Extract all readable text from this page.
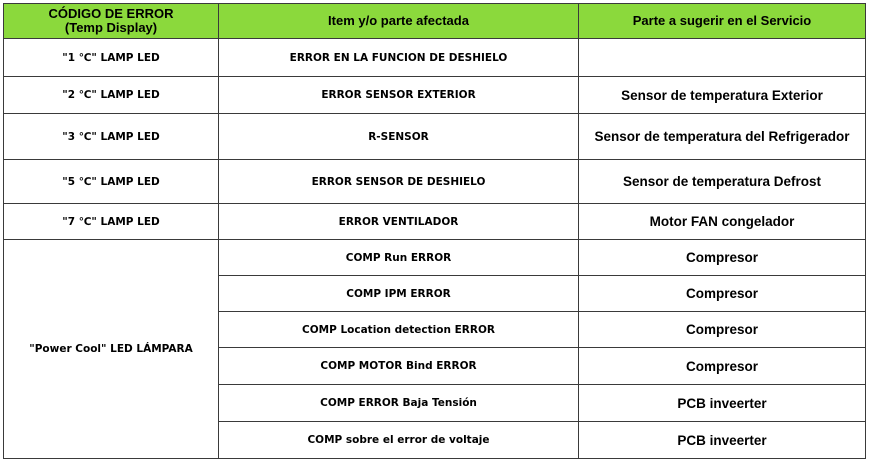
CÓDIGO DE ERROR
(Temp Display)	Item y/o parte afectada	Parte a sugerir en el Servicio
"1 ℃" LAMP LED	ERROR EN LA FUNCION DE DESHIELO	
"2 ℃" LAMP LED	ERROR SENSOR EXTERIOR	Sensor de temperatura Exterior
"3 ℃" LAMP LED	R-SENSOR	Sensor de temperatura del Refrigerador
"5 ℃" LAMP LED	ERROR SENSOR DE DESHIELO	Sensor de temperatura Defrost
"7 ℃" LAMP LED	ERROR VENTILADOR	Motor FAN congelador
"Power Cool" LED LÁMPARA	COMP Run ERROR	Compresor
	COMP IPM ERROR	Compresor
	COMP Location detection ERROR	Compresor
	COMP MOTOR Bind ERROR	Compresor
	COMP ERROR Baja Tensión	PCB inveerter
	COMP sobre el error de voltaje	PCB inveerter
